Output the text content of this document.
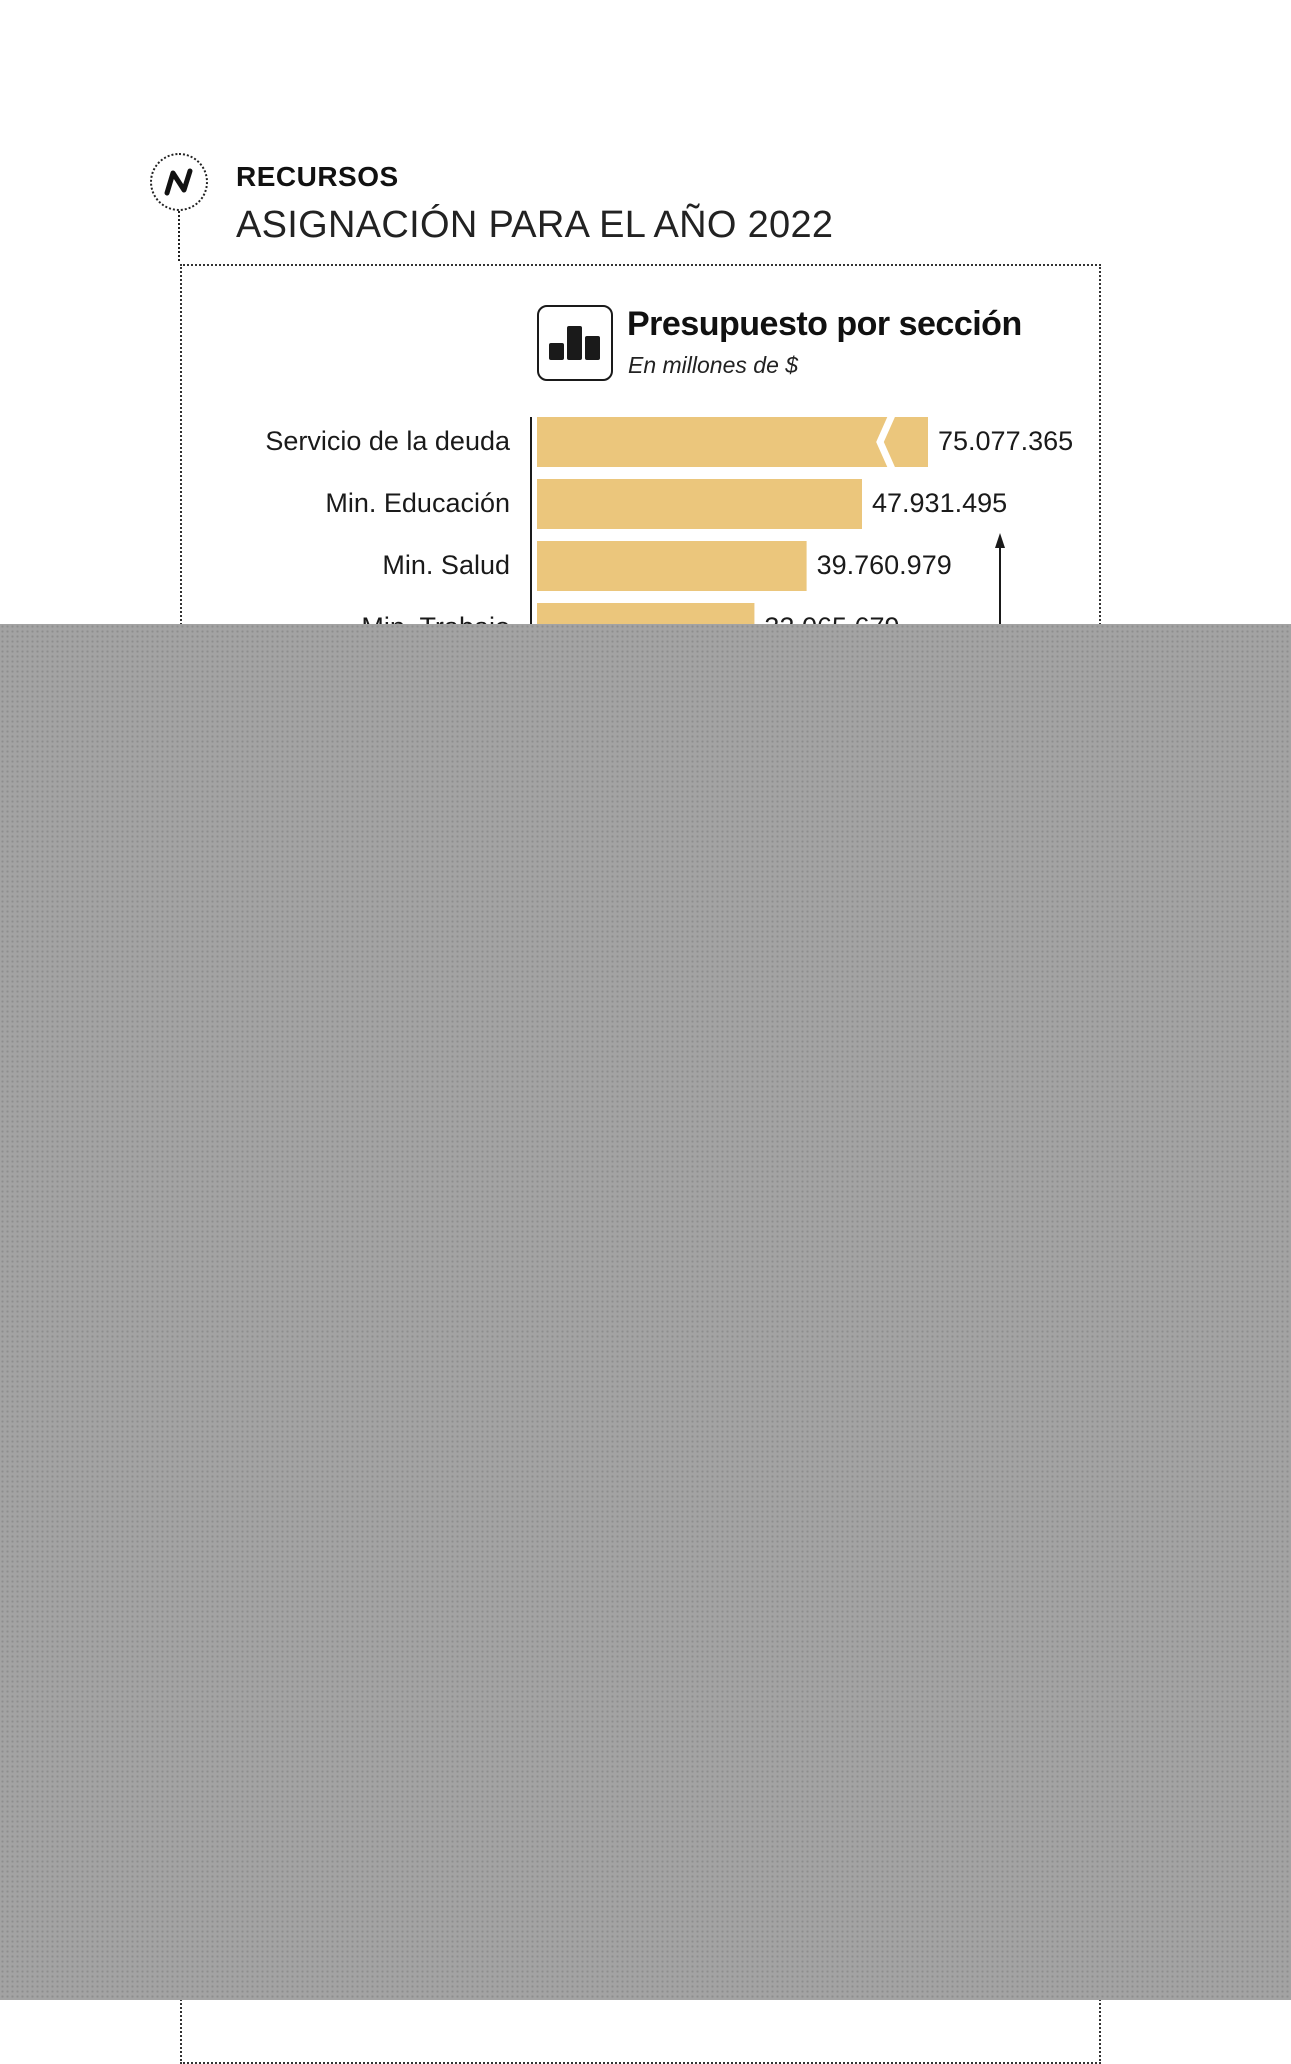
RECURSOS
ASIGNACIÓN PARA EL AÑO 2022
Presupuesto por sección
En millones de $
Servicio de la deuda	75.077.365
Min. Educación	47.931.495
Min. Salud	39.760.979
